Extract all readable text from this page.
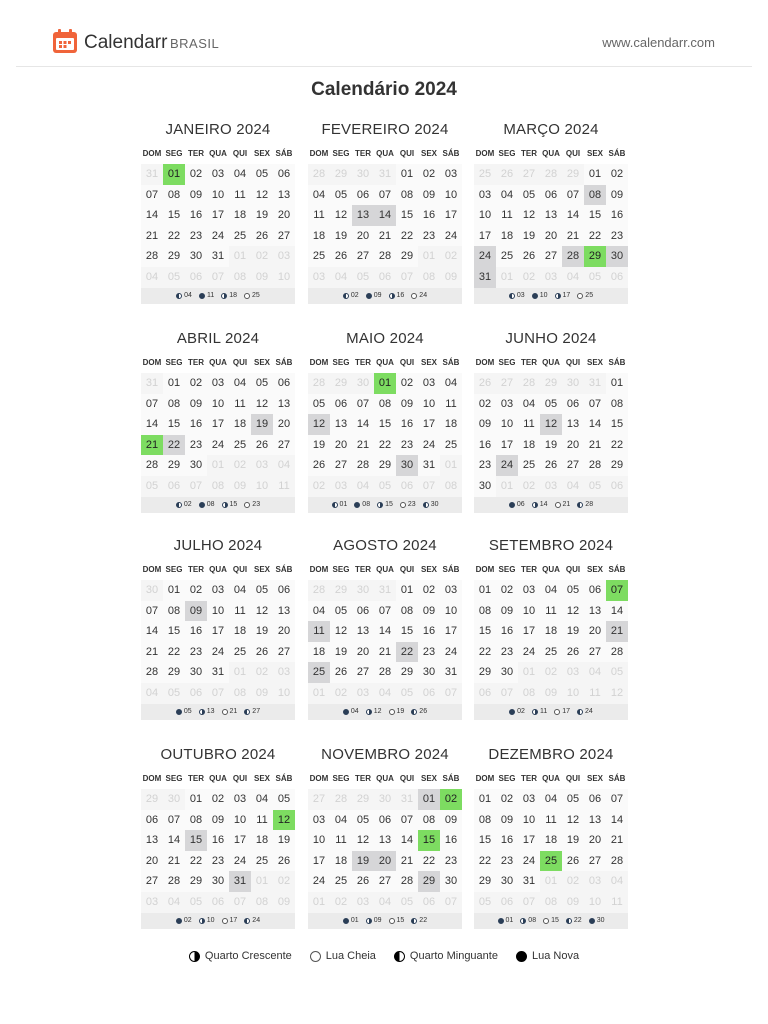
Calendarr BRASIL	www.calendarr.com
Calendário 2024
JANEIRO 2024
DOM SEG TER QUA QUI SEX SÁB
31 01 02 03 04 05 06
07 08 09 10 11 12 13
14 15 16 17 18 19 20
21 22 23 24 25 26 27
28 29 30 31 01 02 03
04 05 06 07 08 09 10
04 11 18 25
FEVEREIRO 2024
DOM SEG TER QUA QUI SEX SÁB
28 29 30 31 01 02 03
04 05 06 07 08 09 10
11 12 13 14 15 16 17
18 19 20 21 22 23 24
25 26 27 28 29 01 02
03 04 05 06 07 08 09
02 09 16 24
MARÇO 2024
DOM SEG TER QUA QUI SEX SÁB
25 26 27 28 29 01 02
03 04 05 06 07 08 09
10 11 12 13 14 15 16
17 18 19 20 21 22 23
24 25 26 27 28 29 30
31 01 02 03 04 05 06
03 10 17 25
ABRIL 2024
DOM SEG TER QUA QUI SEX SÁB
31 01 02 03 04 05 06
07 08 09 10 11 12 13
14 15 16 17 18 19 20
21 22 23 24 25 26 27
28 29 30 01 02 03 04
05 06 07 08 09 10 11
02 08 15 23
MAIO 2024
DOM SEG TER QUA QUI SEX SÁB
28 29 30 01 02 03 04
05 06 07 08 09 10 11
12 13 14 15 16 17 18
19 20 21 22 23 24 25
26 27 28 29 30 31 01
02 03 04 05 06 07 08
01 08 15 23 30
JUNHO 2024
DOM SEG TER QUA QUI SEX SÁB
26 27 28 29 30 31 01
02 03 04 05 06 07 08
09 10 11 12 13 14 15
16 17 18 19 20 21 22
23 24 25 26 27 28 29
30 01 02 03 04 05 06
06 14 21 28
JULHO 2024
DOM SEG TER QUA QUI SEX SÁB
30 01 02 03 04 05 06
07 08 09 10 11 12 13
14 15 16 17 18 19 20
21 22 23 24 25 26 27
28 29 30 31 01 02 03
04 05 06 07 08 09 10
05 13 21 27
AGOSTO 2024
DOM SEG TER QUA QUI SEX SÁB
28 29 30 31 01 02 03
04 05 06 07 08 09 10
11 12 13 14 15 16 17
18 19 20 21 22 23 24
25 26 27 28 29 30 31
01 02 03 04 05 06 07
04 12 19 26
SETEMBRO 2024
DOM SEG TER QUA QUI SEX SÁB
01 02 03 04 05 06 07
08 09 10 11 12 13 14
15 16 17 18 19 20 21
22 23 24 25 26 27 28
29 30 01 02 03 04 05
06 07 08 09 10 11 12
02 11 17 24
OUTUBRO 2024
DOM SEG TER QUA QUI SEX SÁB
29 30 01 02 03 04 05
06 07 08 09 10 11 12
13 14 15 16 17 18 19
20 21 22 23 24 25 26
27 28 29 30 31 01 02
03 04 05 06 07 08 09
02 10 17 24
NOVEMBRO 2024
DOM SEG TER QUA QUI SEX SÁB
27 28 29 30 31 01 02
03 04 05 06 07 08 09
10 11 12 13 14 15 16
17 18 19 20 21 22 23
24 25 26 27 28 29 30
01 02 03 04 05 06 07
01 09 15 22
DEZEMBRO 2024
DOM SEG TER QUA QUI SEX SÁB
01 02 03 04 05 06 07
08 09 10 11 12 13 14
15 16 17 18 19 20 21
22 23 24 25 26 27 28
29 30 31 01 02 03 04
05 06 07 08 09 10 11
01 08 15 22 30
Quarto Crescente	Lua Cheia	Quarto Minguante	Lua Nova
